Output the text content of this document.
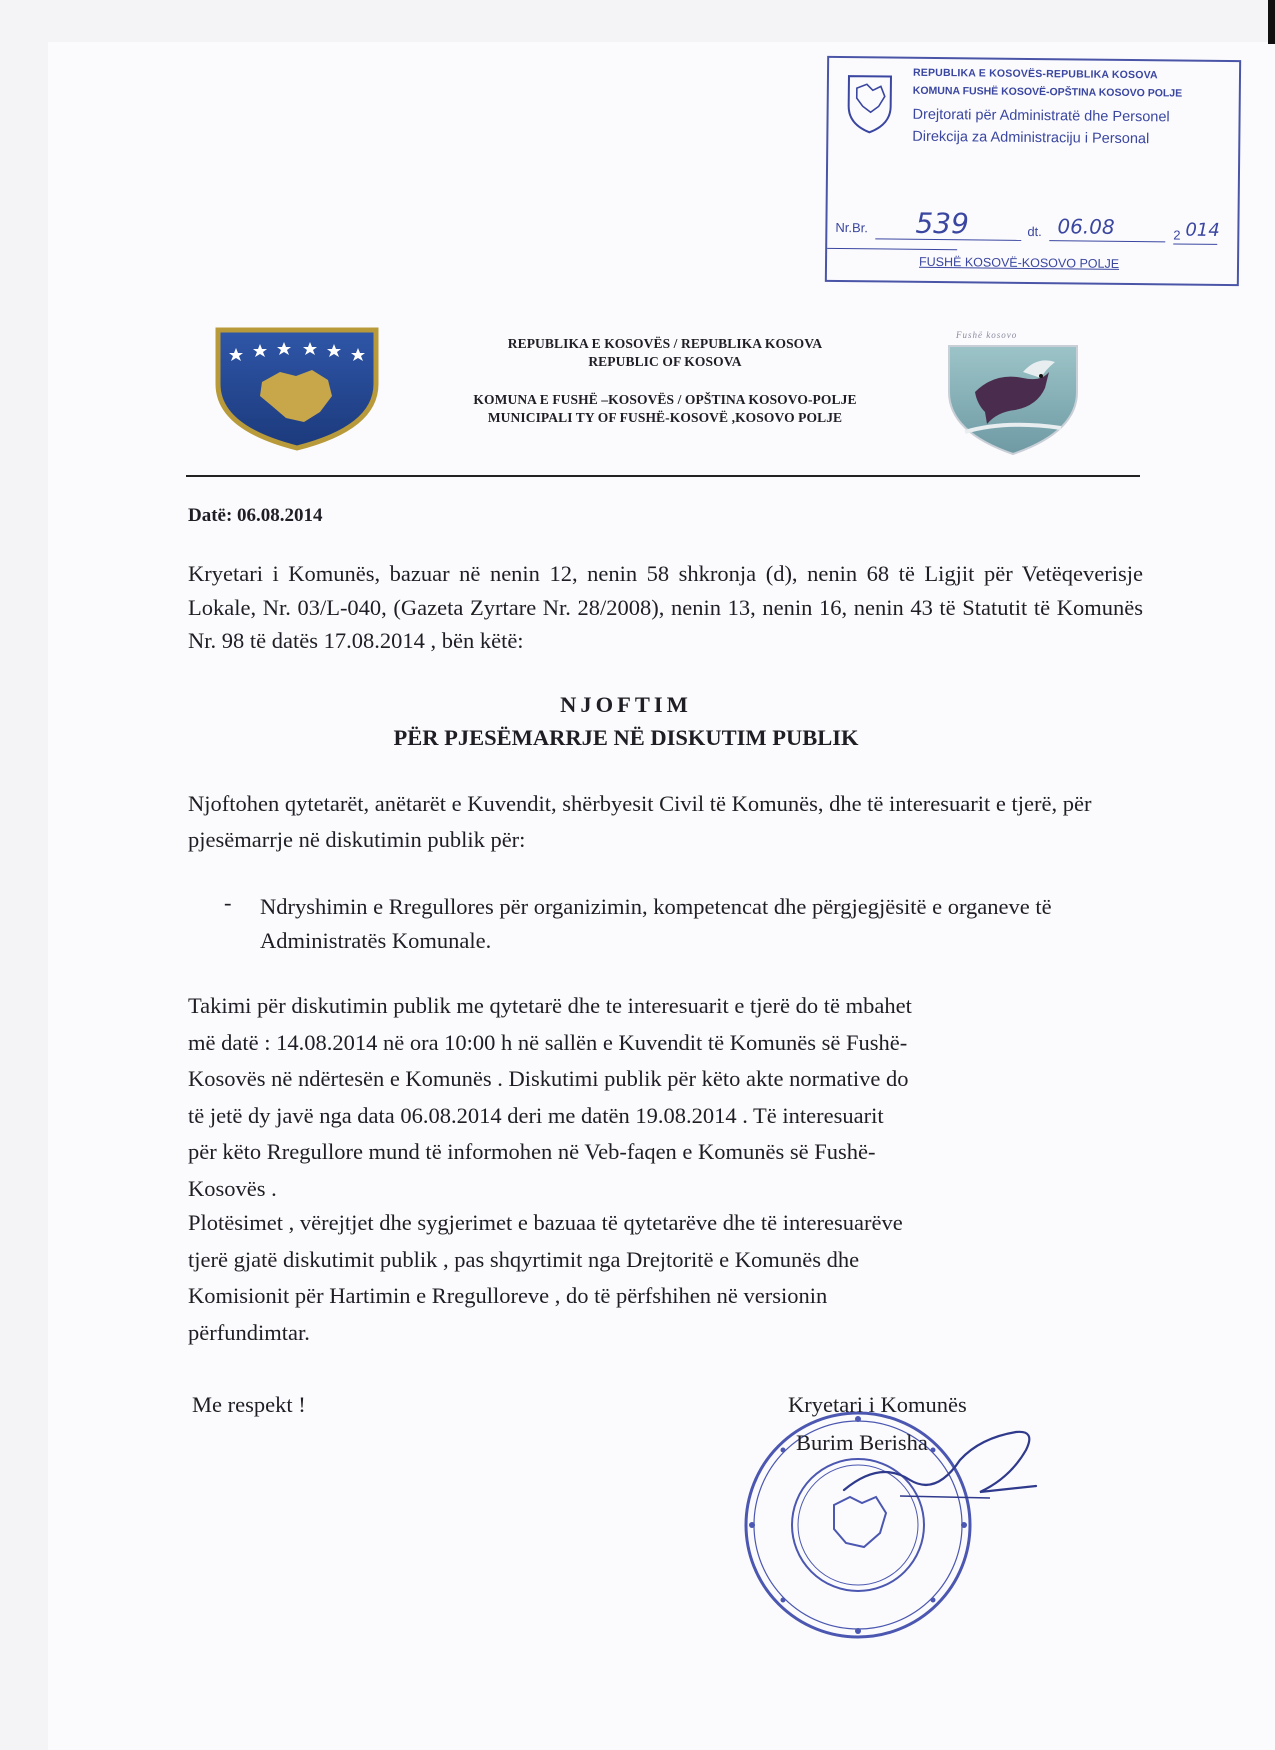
REPUBLIKA E KOSOVËS-REPUBLIKA KOSOVA
KOMUNA FUSHË KOSOVË-OPŠTINA KOSOVO POLJE
Drejtorati për Administratë dhe Personel
Direkcija za Administraciju i Personal
Nr.Br. 539	dt. 06.08	2 014
FUSHË KOSOVË-KOSOVO POLJE
Fushë kosovo
REPUBLIKA E KOSOVËS / REPUBLIKA KOSOVA
REPUBLIC OF KOSOVA
KOMUNA E FUSHË –KOSOVËS / OPŠTINA KOSOVO-POLJE
MUNICIPALI TY OF FUSHË-KOSOVË ,KOSOVO POLJE
Datë: 06.08.2014
Kryetari i Komunës, bazuar në nenin 12, nenin 58 shkronja (d), nenin 68 të Ligjit për Vetëqeverisje Lokale, Nr. 03/L-040, (Gazeta Zyrtare Nr. 28/2008), nenin 13, nenin 16, nenin 43 të Statutit të Komunës Nr. 98 të datës 17.08.2014 , bën këtë:
NJOFTIM
PËR PJESËMARRJE NË DISKUTIM PUBLIK
Njoftohen qytetarët, anëtarët e Kuvendit, shërbyesit Civil të Komunës, dhe të interesuarit e tjerë, për pjesëmarrje në diskutimin publik për:
- Ndryshimin e Rregullores për organizimin, kompetencat dhe përgjegjësitë e organeve të Administratës Komunale.
Takimi për diskutimin publik me qytetarë dhe te interesuarit e tjerë do të mbahet
më datë : 14.08.2014 në ora 10:00 h në sallën e Kuvendit të Komunës së Fushë-
Kosovës në ndërtesën e Komunës . Diskutimi publik për këto akte normative do
të jetë dy javë nga data 06.08.2014 deri me datën 19.08.2014 . Të interesuarit
për këto Rregullore mund të informohen në Veb-faqen e Komunës së Fushë-
Kosovës .
Plotësimet , vërejtjet dhe sygjerimet e bazuaa të qytetarëve dhe të interesuarëve
tjerë gjatë diskutimit publik , pas shqyrtimit nga Drejtoritë e Komunës dhe
Komisionit për Hartimin e Rregulloreve , do të përfshihen në versionin
përfundimtar.
Me respekt !	Kryetari i Komunës
Burim Berisha
